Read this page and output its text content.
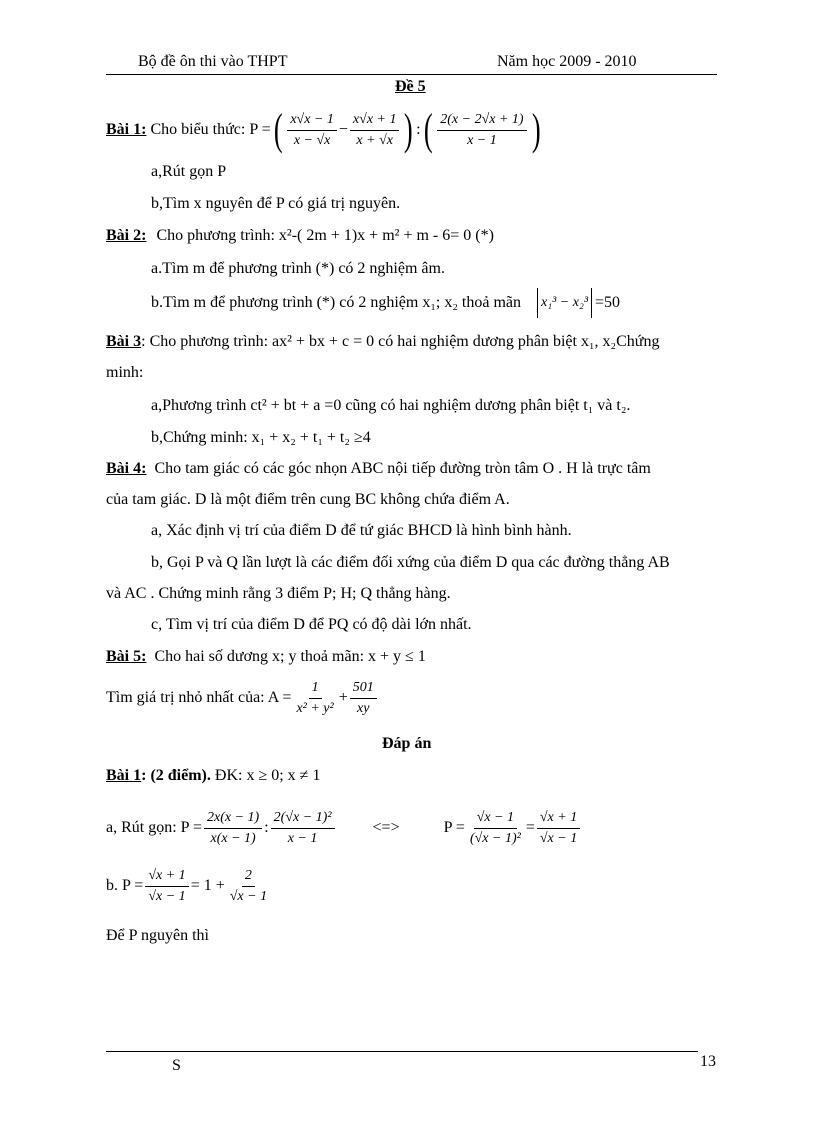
Bộ đề ôn thi vào THPT	Năm học 2009 - 2010
Đề 5
Bài 1: Cho biểu thức: P = ( $\frac{x√x - 1}{x - √x} - \frac{x√x + 1}{x + √x}$ ) : ( $\frac{2(x - 2√x + 1)}{x - 1}$ )
a,Rút gọn P
b,Tìm x nguyên để P có giá trị nguyên.
Bài 2: Cho phương trình: x²-( 2m + 1)x + m² + m - 6= 0 (*)
a.Tìm m để phương trình (*) có 2 nghiệm âm.
b.Tìm m để phương trình (*) có 2 nghiệm x₁; x₂ thoả mãn x₁³ − x₂³ =50
Bài 3: Cho phương trình: ax² + bx + c = 0 có hai nghiệm dương phân biệt x₁, x₂Chứng
minh:
a,Phương trình ct² + bt + a =0 cũng có hai nghiệm dương phân biệt t₁ và t₂.
b,Chứng minh: x₁ + x₂ + t₁ + t₂ ≥4
Bài 4: Cho tam giác có các góc nhọn ABC nội tiếp đường tròn tâm O . H là trực tâm
của tam giác. D là một điểm trên cung BC không chứa điểm A.
a, Xác định vị trí của điểm D để tứ giác BHCD là hình bình hành.
b, Gọi P và Q lần lượt là các điểm đối xứng của điểm D qua các đường thẳng AB
và AC . Chứng minh rằng 3 điểm P; H; Q thẳng hàng.
c, Tìm vị trí của điểm D để PQ có độ dài lớn nhất.
Bài 5: Cho hai số dương x; y thoả mãn: x + y ≤ 1
Tìm giá trị nhỏ nhất của: $A = \frac{1}{\text{x² + y²}} + \frac{501}{xy}$
Đáp án
Bài 1: (2 điểm). ĐK: x ≥ 0; x ≠ 1
a, Rút gọn: $P = \frac{2x(x - 1)}{x(x - 1)}$ : $\frac{\text{2(√x − 1)²}}{x - 1}$ <=>	$P = \frac{√x - 1}{\text{(√x − 1)²}} = \frac{√x + 1}{√x - 1}$
b. $P = \frac{√x + 1}{√x - 1} = 1 + \frac{2}{√x - 1}$
Để P nguyên thì
S	13
